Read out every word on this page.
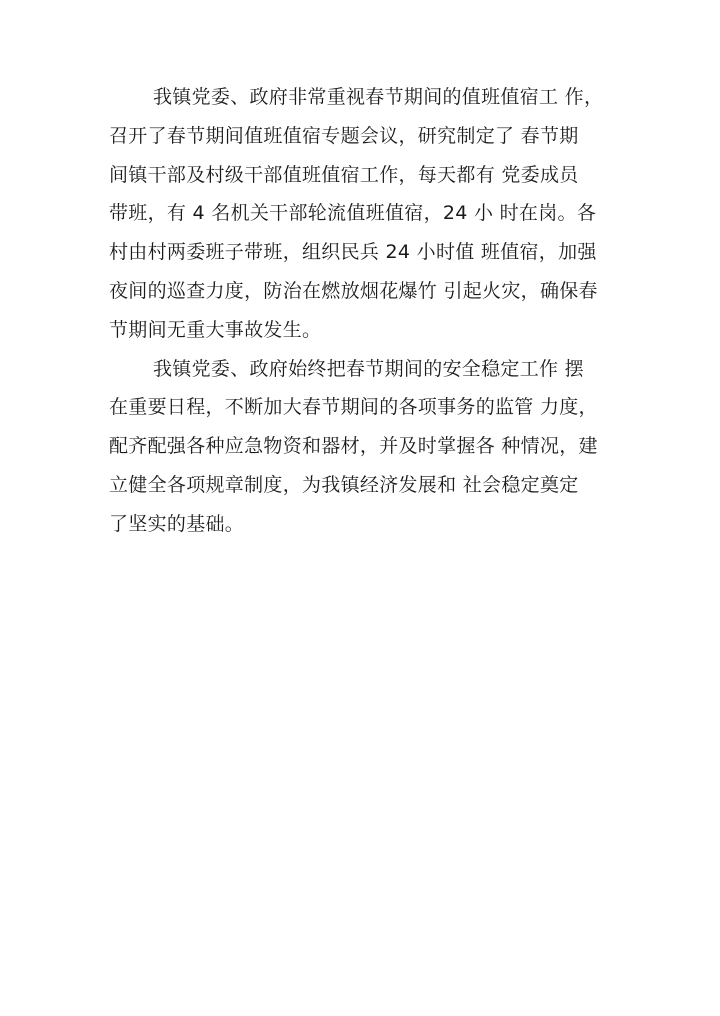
我镇党委、政府非常重视春节期间的值班值宿工 作，
召开了春节期间值班值宿专题会议，研究制定了 春节期
间镇干部及村级干部值班值宿工作，每天都有 党委成员
带班，有 4 名机关干部轮流值班值宿，24 小 时在岗。各
村由村两委班子带班，组织民兵 24 小时值 班值宿，加强
夜间的巡查力度，防治在燃放烟花爆竹 引起火灾，确保春
节期间无重大事故发生。
我镇党委、政府始终把春节期间的安全稳定工作 摆
在重要日程，不断加大春节期间的各项事务的监管 力度，
配齐配强各种应急物资和器材，并及时掌握各 种情况，建
立健全各项规章制度，为我镇经济发展和 社会稳定奠定
了坚实的基础。
